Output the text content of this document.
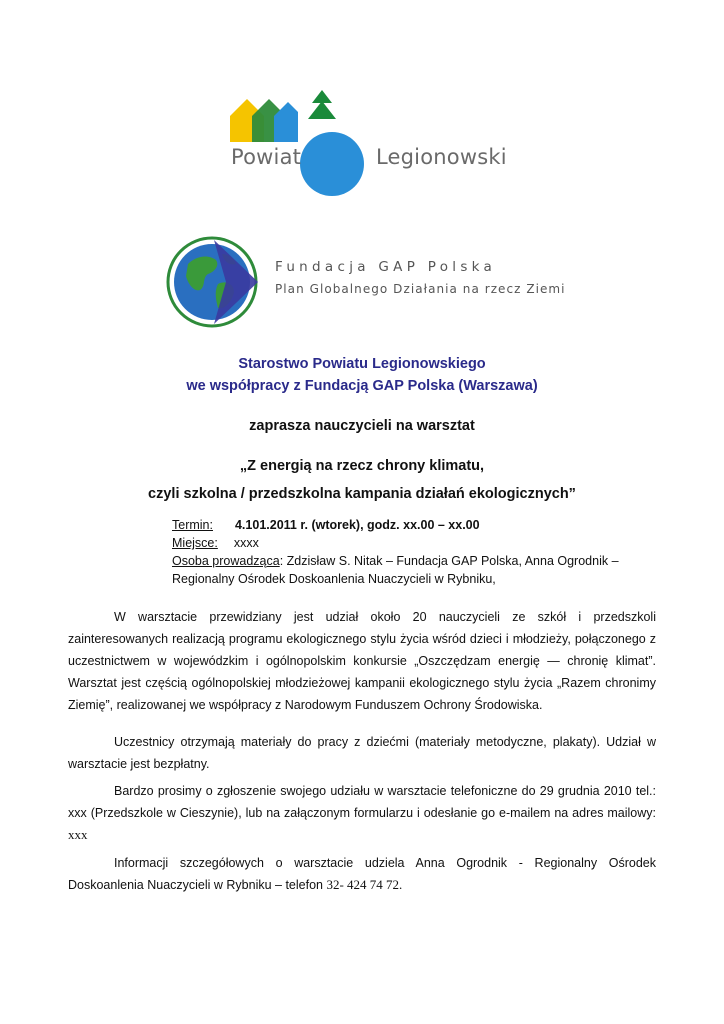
Powiat	Legionowski
Fundacja GAP Polska
Plan Globalnego Działania na rzecz Ziemi
Starostwo Powiatu Legionowskiego
we współpracy z Fundacją GAP Polska (Warszawa)
zaprasza nauczycieli na warsztat
„Z energią na rzecz chrony klimatu,
czyli szkolna / przedszkolna kampania działań ekologicznych”
Termin: 4.101.2011 r. (wtorek), godz. xx.00 – xx.00
Miejsce: xxxx
Osoba prowadząca: Zdzisław S. Nitak – Fundacja GAP Polska, Anna Ogrodnik –
Regionalny Ośrodek Doskoanlenia Nuaczycieli w Rybniku,
W warsztacie przewidziany jest udział około 20 nauczycieli ze szkół i przedszkoli zainteresowanych realizacją programu ekologicznego stylu życia wśród dzieci i młodzieży, połączonego z uczestnictwem w wojewódzkim i ogólnopolskim konkursie „Oszczędzam energię — chronię klimat”. Warsztat jest częścią ogólnopolskiej młodzieżowej kampanii ekologicznego stylu życia „Razem chronimy Ziemię”, realizowanej we współpracy z Narodowym Funduszem Ochrony Środowiska.
Uczestnicy otrzymają materiały do pracy z dziećmi (materiały metodyczne, plakaty). Udział w warsztacie jest bezpłatny.
Bardzo prosimy o zgłoszenie swojego udziału w warsztacie telefoniczne do 29 grudnia 2010 tel.: xxx (Przedszkole w Cieszynie), lub na załączonym formularzu i odesłanie go e-mailem na adres mailowy: xxx
Informacji szczegółowych o warsztacie udziela Anna Ogrodnik - Regionalny Ośrodek Doskoanlenia Nuaczycieli w Rybniku – telefon 32- 424 74 72.
